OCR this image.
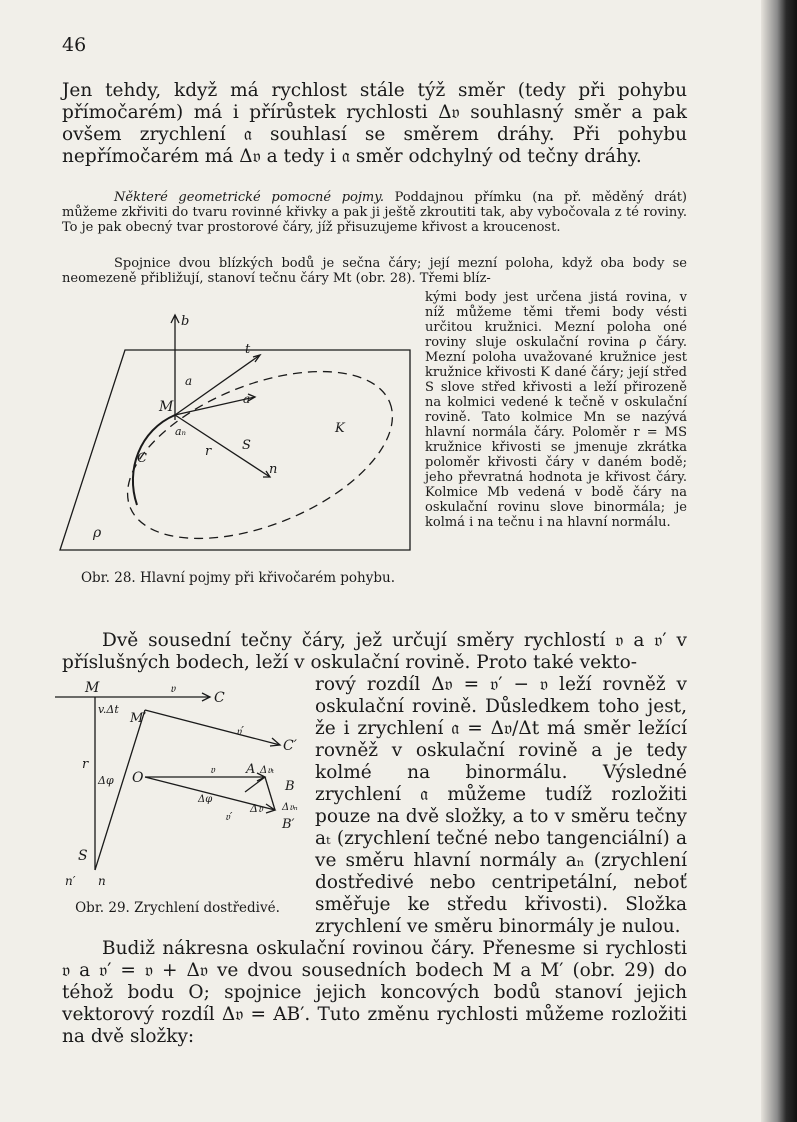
46

Jen tehdy, když má rychlost stále týž směr (tedy při pohybu přímočarém) má i přírůstek rychlosti Δ𝔳 souhlasný směr a pak ovšem zrychlení 𝔞 souhlasí se směrem dráhy. Při pohybu nepřímočarém má Δ𝔳 a tedy i 𝔞 směr odchylný od tečny dráhy.

Některé geometrické pomocné pojmy. Poddajnou přímku (na př. měděný drát) můžeme zkřiviti do tvaru rovinné křivky a pak ji ještě zkroutiti tak, aby vybočovala z té roviny. To je pak obecný tvar prostorové čáry, jíž přisuzujeme křivost a kroucenost.

Spojnice dvou blízkých bodů je sečna čáry; její mezní poloha, když oba body se neomezeně přibližují, stanoví tečnu čáry Mt (obr. 28). Třemi blíz-

b
t
a
a
M
aₙ
S
r
K
C
n
ρ
Obr. 28. Hlavní pojmy při křivočarém pohybu.

kými body jest určena jistá rovina, v níž můžeme těmi třemi body vésti určitou kružnici. Mezní poloha oné roviny sluje oskulační rovina ρ čáry. Mezní poloha uvažované kružnice jest kružnice křivosti K dané čáry; její střed S slove střed křivosti a leží přirozeně na kolmici vedené k tečně v oskulační rovině. Tato kolmice Mn se nazývá hlavní normála čáry. Poloměr r = MS kružnice křivosti se jmenuje zkrátka poloměr křivosti čáry v daném bodě; jeho převratná hodnota je křivost čáry. Kolmice Mb vedená v bodě čáry na oskulační rovinu slove binormála; je kolmá i na tečnu i na hlavní normálu.

Dvě sousední tečny čáry, jež určují směry rychlostí 𝔳 a 𝔳′ v příslušných bodech, leží v oskulační rovině. Proto také vekto-

M	𝔳
C
v.Δt
M′
𝔳′
C′
r
Δφ O
𝔳 A Δ𝔳ₜ
B
Δφ
Δ𝔳 Δ𝔳ₙ
𝔳′
B′
S
n′ n
Obr. 29. Zrychlení dostředivé.

rový rozdíl Δ𝔳 = 𝔳′ − 𝔳 leží rovněž v oskulační rovině. Důsledkem toho jest, že i zrychlení 𝔞 = Δ𝔳/Δt má směr ležící rovněž v oskulační rovině a je tedy kolmé na binormálu. Výsledné zrychlení 𝔞 můžeme tudíž rozložiti pouze na dvě složky, a to v směru tečny aₜ (zrychlení tečné nebo tangenciální) a ve směru hlavní normály aₙ (zrychlení dostředivé nebo centripetální, neboť směřuje ke středu křivosti). Složka zrychlení ve směru binormály je nulou.

Budiž nákresna oskulační rovinou čáry. Přenesme si rychlosti 𝔳 a 𝔳′ = 𝔳 + Δ𝔳 ve dvou sousedních bodech M a M′ (obr. 29) do téhož bodu O; spojnice jejich koncových bodů stanoví jejich vektorový rozdíl Δ𝔳 = AB′. Tuto změnu rychlosti můžeme rozložiti na dvě složky:
